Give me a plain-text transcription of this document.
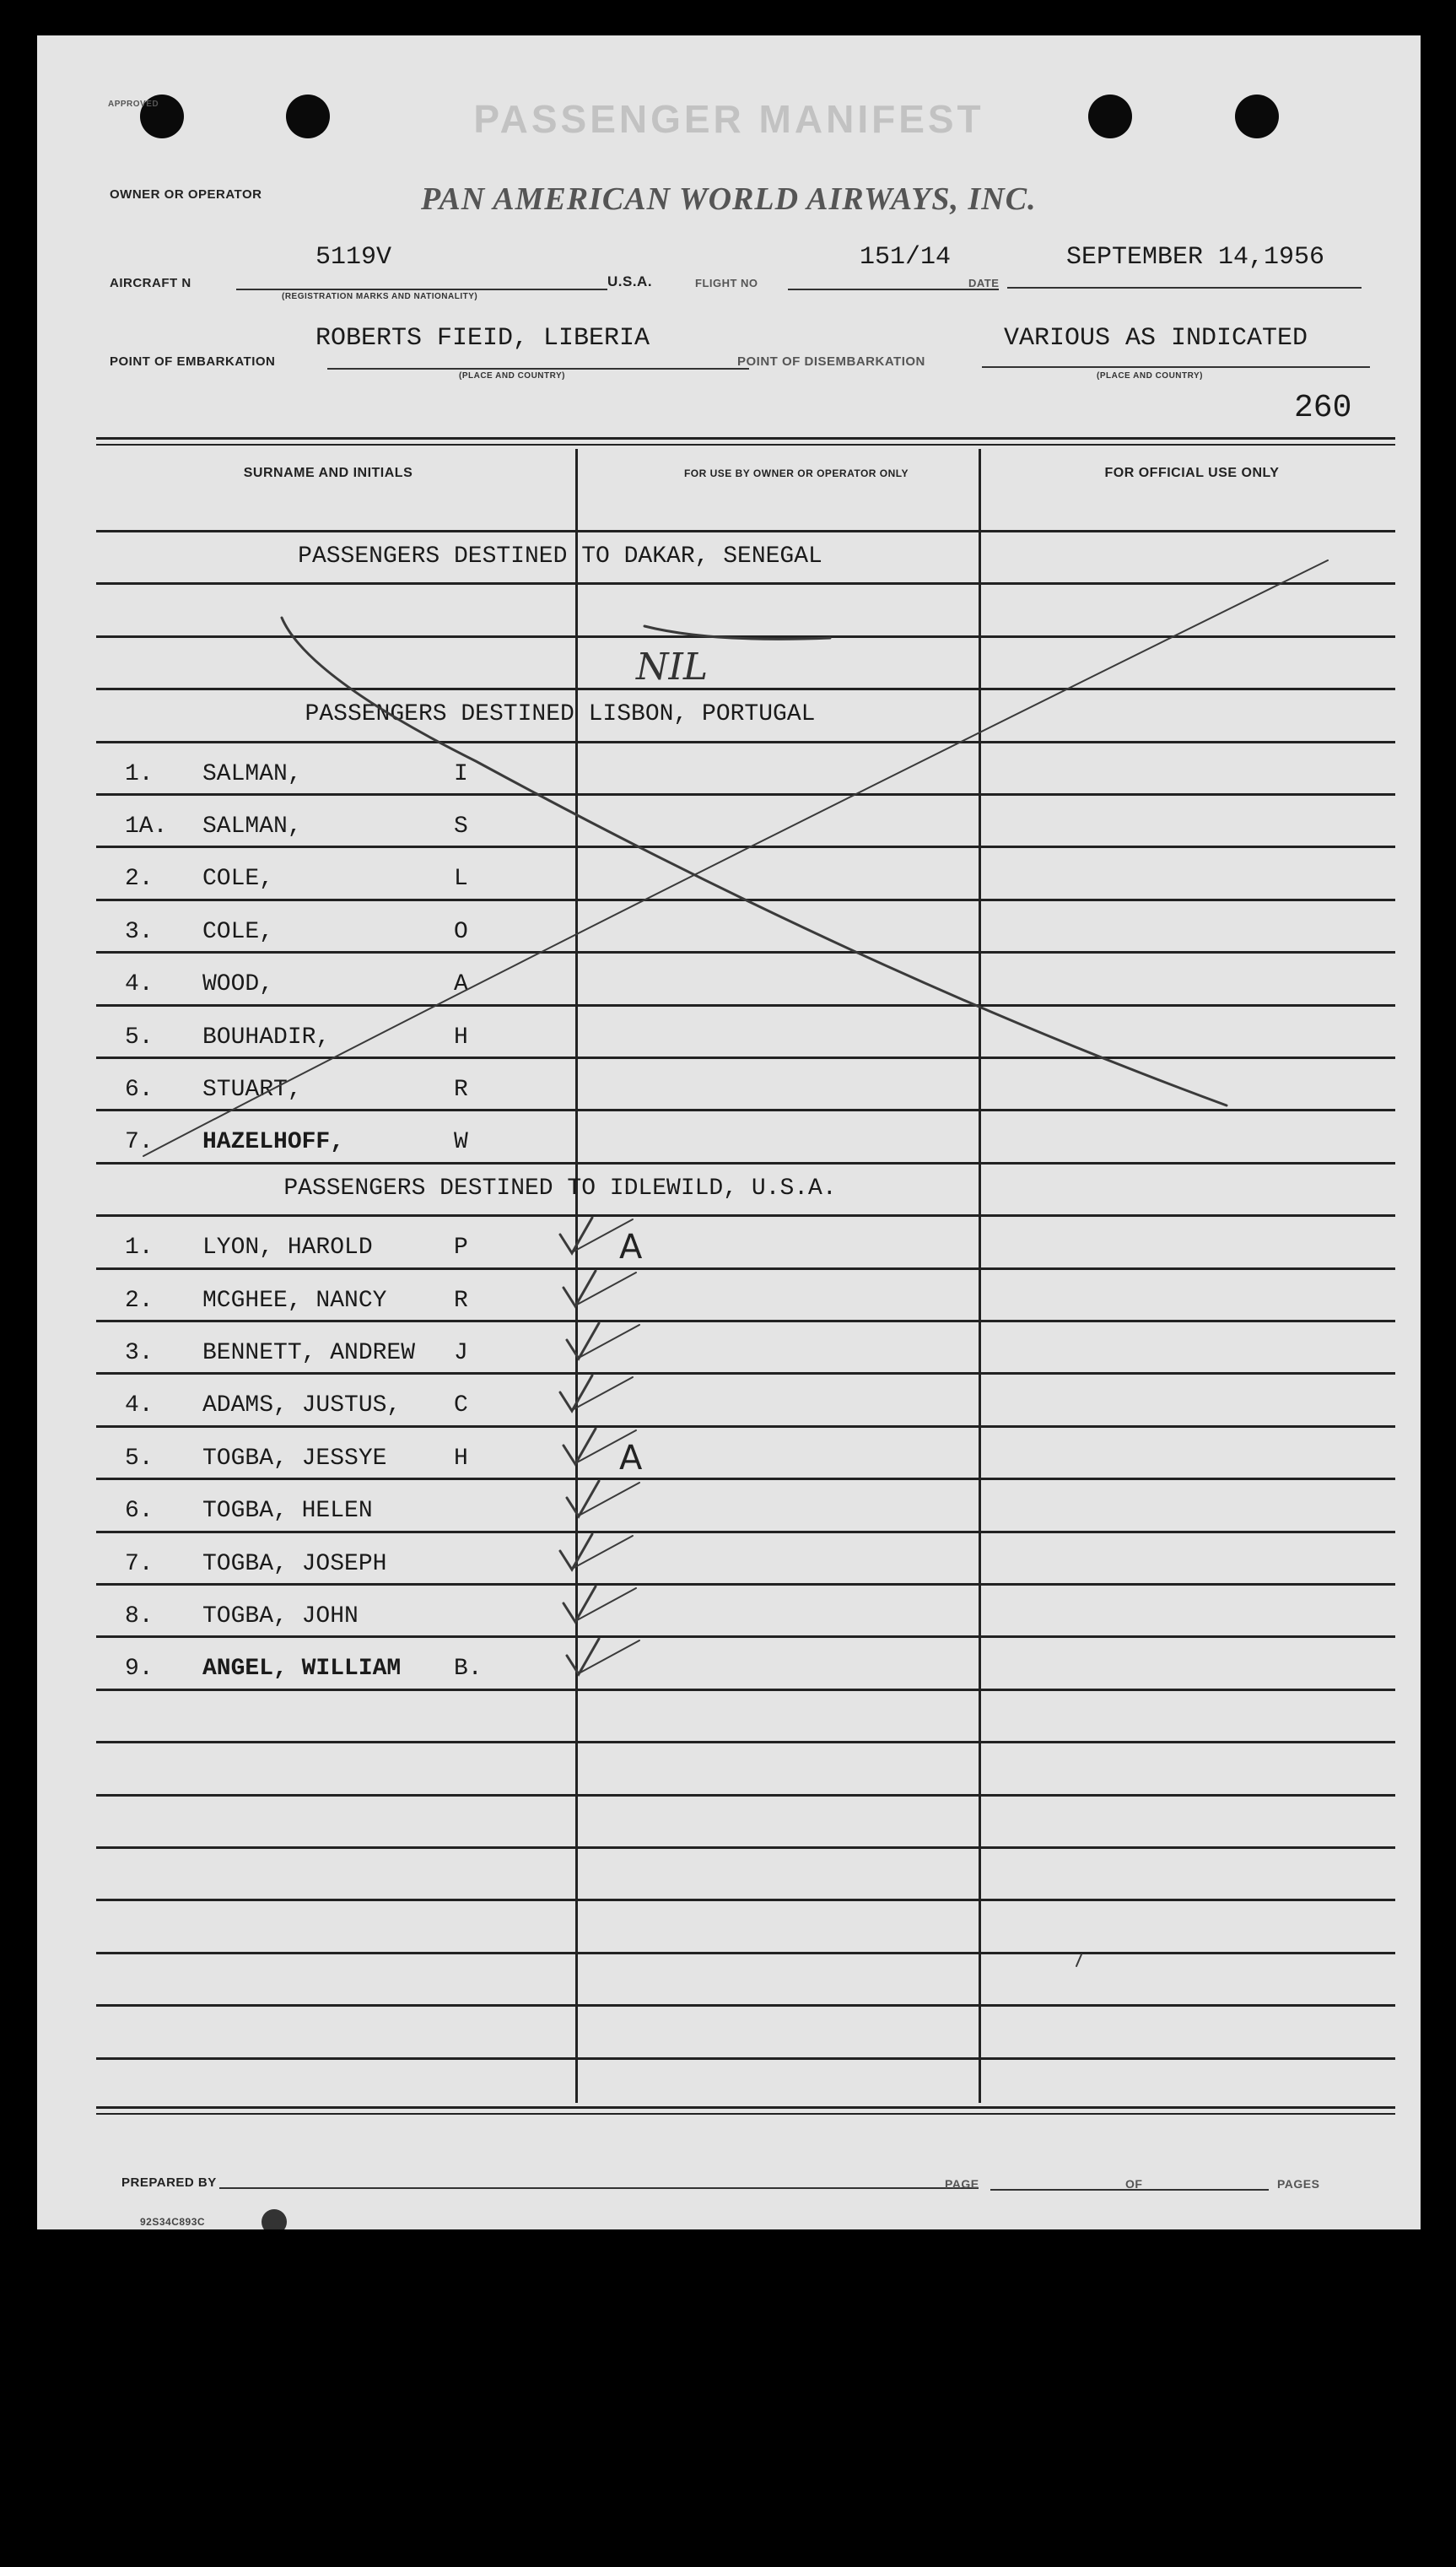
APPROVED	PASSENGER MANIFEST
OWNER OR OPERATOR	PAN AMERICAN WORLD AIRWAYS, INC.
AIRCRAFT N
5119V
(REGISTRATION MARKS AND NATIONALITY)
U.S.A.	FLIGHT NO
151/14
DATE
SEPTEMBER 14,1956
ROBERTS FIEID, LIBERIA
POINT OF EMBARKATION
(PLACE AND COUNTRY)
POINT OF DISEMBARKATION
VARIOUS AS INDICATED
(PLACE AND COUNTRY)
260
SURNAME AND INITIALS	FOR USE BY OWNER OR OPERATOR ONLY	FOR OFFICIAL USE ONLY
PASSENGERS DESTINED TO DAKAR, SENEGAL
NIL
PASSENGERS DESTINED LISBON, PORTUGAL
1. SALMAN,	I
1A. SALMAN,	S
2. COLE,	L
3. COLE,	O
4. WOOD,	A
5. BOUHADIR,	H
6. STUART,	R
7. HAZELHOFF,	W
PASSENGERS DESTINED TO IDLEWILD, U.S.A.
1. LYON, HAROLD	P	A
2. MCGHEE, NANCY	R
3. BENNETT, ANDREW J
4. ADAMS, JUSTUS, C
5. TOGBA, JESSYE	H	A
6. TOGBA, HELEN
7. TOGBA, JOSEPH
8. TOGBA, JOHN
9. ANGEL, WILLIAM B.
PREPARED BY	PAGE	OF	PAGES
92S34C893C
